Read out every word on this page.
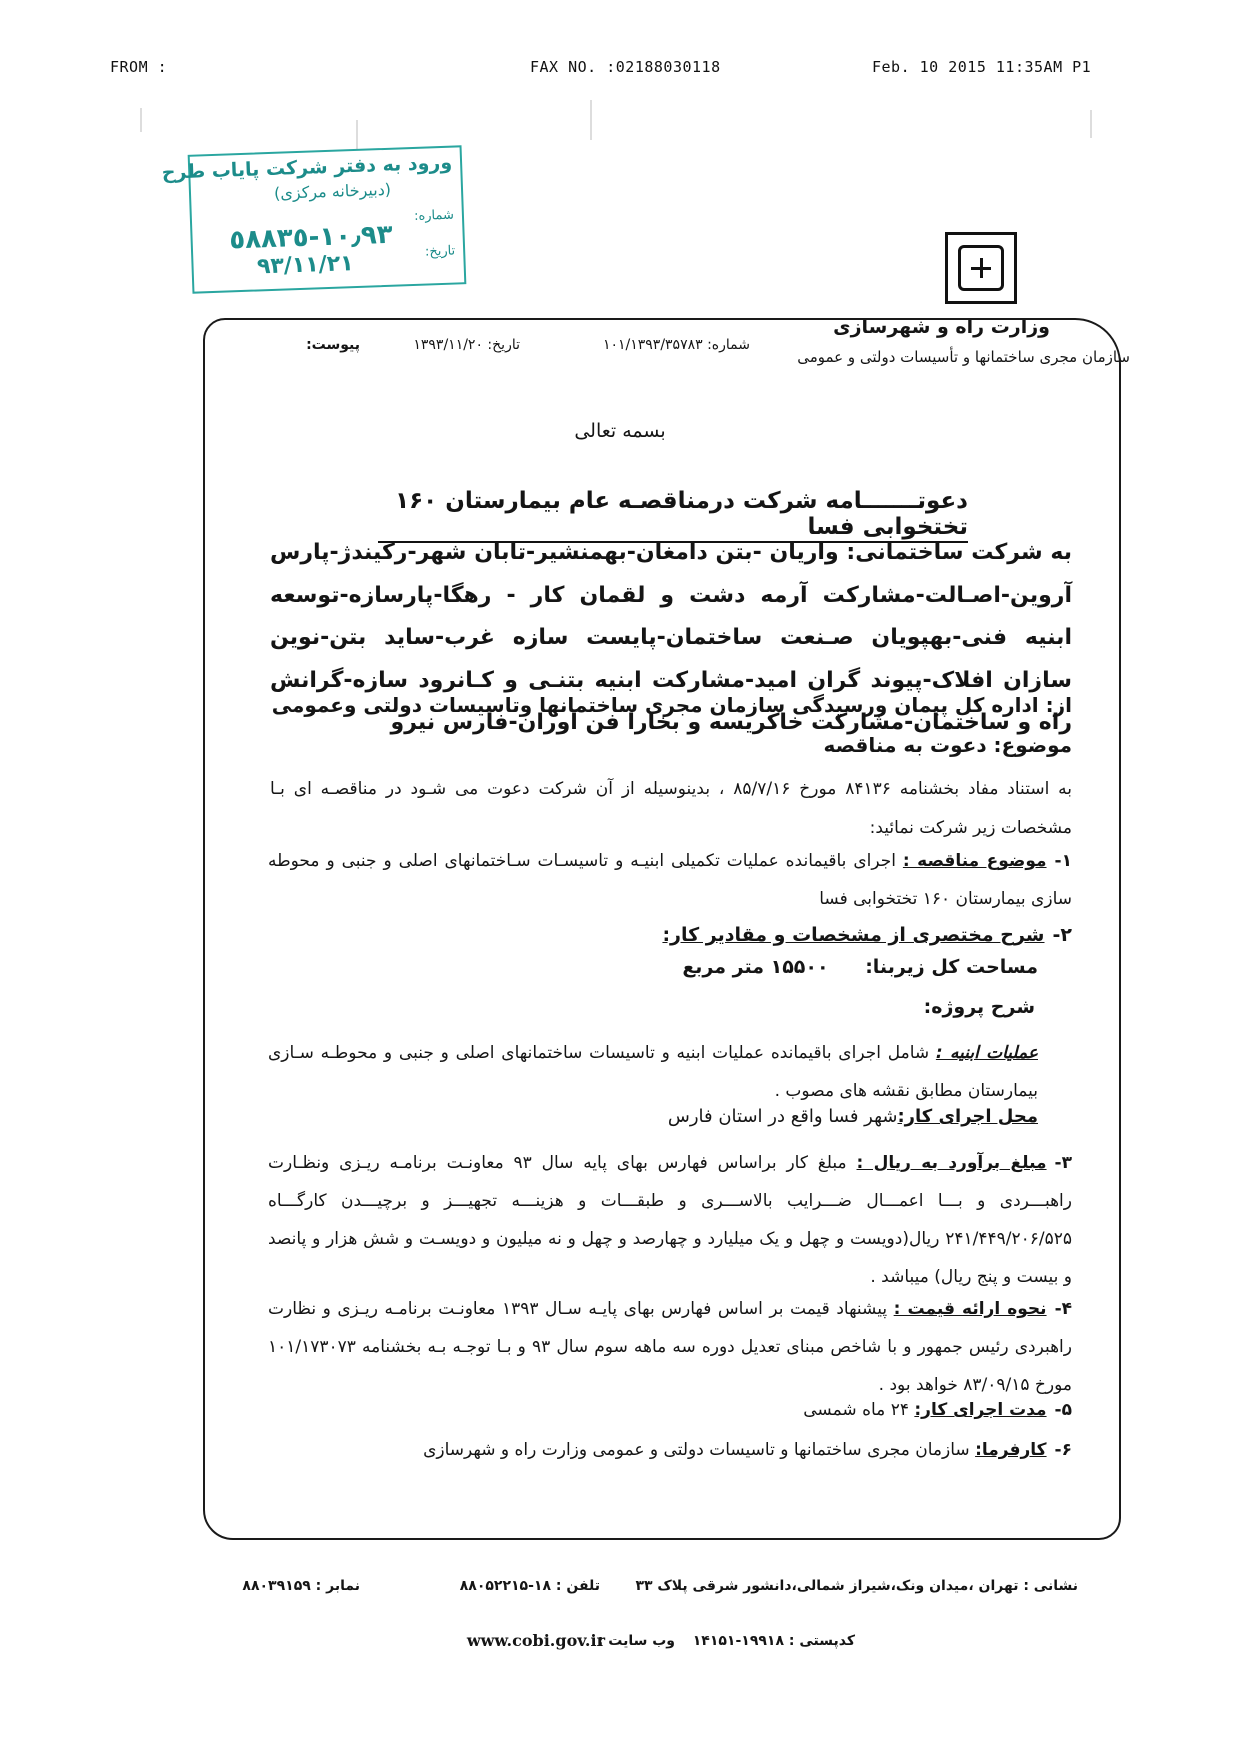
FROM :	FAX NO. :02188030118	Feb. 10 2015 11:35AM P1
ورود به دفتر شرکت پایاب طرح
(دبیرخانه مرکزی)
شماره:
١٠٫٩٣-٥٨٨٣٥ تاریخ:
٩٣/١١/٢١
وزارت راه و شهرسازی
سازمان مجری ساختمانها و تأسیسات دولتی و عمومی
شماره: ۱۰۱/۱۳۹۳/۳۵۷۸۳
تاریخ: ۱۳۹۳/۱۱/۲۰
پیوست:
بسمه تعالی
دعوتـــــــامه شرکت درمناقصـه عام بیمارستان ۱۶۰ تختخوابی فسا
به شرکت ساختمانی: واریان -بتن دامغان-بهمنشیر-تابان شهر-رکیندژ-پارس آروین-اصـالت-مشارکت آرمه دشت و لقمان کار - رهگا-پارسازه-توسعه ابنیه فنی-بهپویان صـنعت ساختمان-پایست سازه غرب-ساید بتن-نوین سازان افلاک-پیوند گران امید-مشارکت ابنیه بتنـی و کـانرود سازه-گرانش راه و ساختمان-مشارکت خاکریسه و بخارا فن آوران-فارس نیرو
از: اداره کل پیمان ورسیدگی سازمان مجری ساختمانها وتاسیسات دولتی وعمومی
موضوع: دعوت به مناقصه
به استناد مفاد بخشنامه ۸۴۱۳۶ مورخ ۸۵/۷/۱۶ ، بدینوسیله از آن شرکت دعوت می شـود در مناقصـه ای بـا مشخصات زیر شرکت نمائید:
۱-موضوع مناقصه : اجرای باقیمانده عملیات تکمیلی ابنیـه و تاسیسـات سـاختمانهای اصلی و جنبی و محوطه سازی بیمارستان ۱۶۰ تختخوابی فسا
۲-شرح مختصری از مشخصات و مقادیر کار:
مساحت کل زیربنا: ۱۵۵۰۰ متر مربع
شرح پروژه:
عملیات ابنیه : شامل اجرای باقیمانده عملیات ابنیه و تاسیسات ساختمانهای اصلی و جنبی و محوطـه سـازی بیمارستان مطابق نقشه های مصوب .
محل اجرای کار:شهر فسا واقع در استان فارس
۳-مبلغ برآورد به ریال : مبلغ کار براساس فهارس بهای پایه سال ۹۳ معاونـت برنامـه ریـزی ونظـارت راهبـــردی و بـــا اعمـــال ضـــرایب بالاســـری و طبقـــات و هزینـــه تجهیـــز و برچیـــدن کارگـــاه ۲۴۱/۴۴۹/۲۰۶/۵۲۵ ریال(دویست و چهل و یک میلیارد و چهارصد و چهل و نه میلیون و دویسـت و شش هزار و پانصد و بیست و پنج ریال) میباشد .
۴-نحوه ارائه قیمت : پیشنهاد قیمت بر اساس فهارس بهای پایـه سـال ۱۳۹۳ معاونـت برنامـه ریـزی و نظارت راهبردی رئیس جمهور و با شاخص مبنای تعدیل دوره سه ماهه سوم سال ۹۳ و بـا توجـه بـه بخشنامه ۱۰۱/۱۷۳۰۷۳ مورخ ۸۳/۰۹/۱۵ خواهد بود .
۵-مدت اجرای کار: ۲۴ ماه شمسی
۶-کارفرما: سازمان مجری ساختمانها و تاسیسات دولتی و عمومی وزارت راه و شهرسازی
نشانی : تهران ،میدان ونک،شیراز شمالی،دانشور شرقی پلاک ۳۳
تلفن : ۱۸-۸۸۰۵۲۲۱۵
نمابر : ۸۸۰۳۹۱۵۹
کدپستی : ۱۹۹۱۸-۱۴۱۵۱
وب سایت :
www.cobi.gov.ir
